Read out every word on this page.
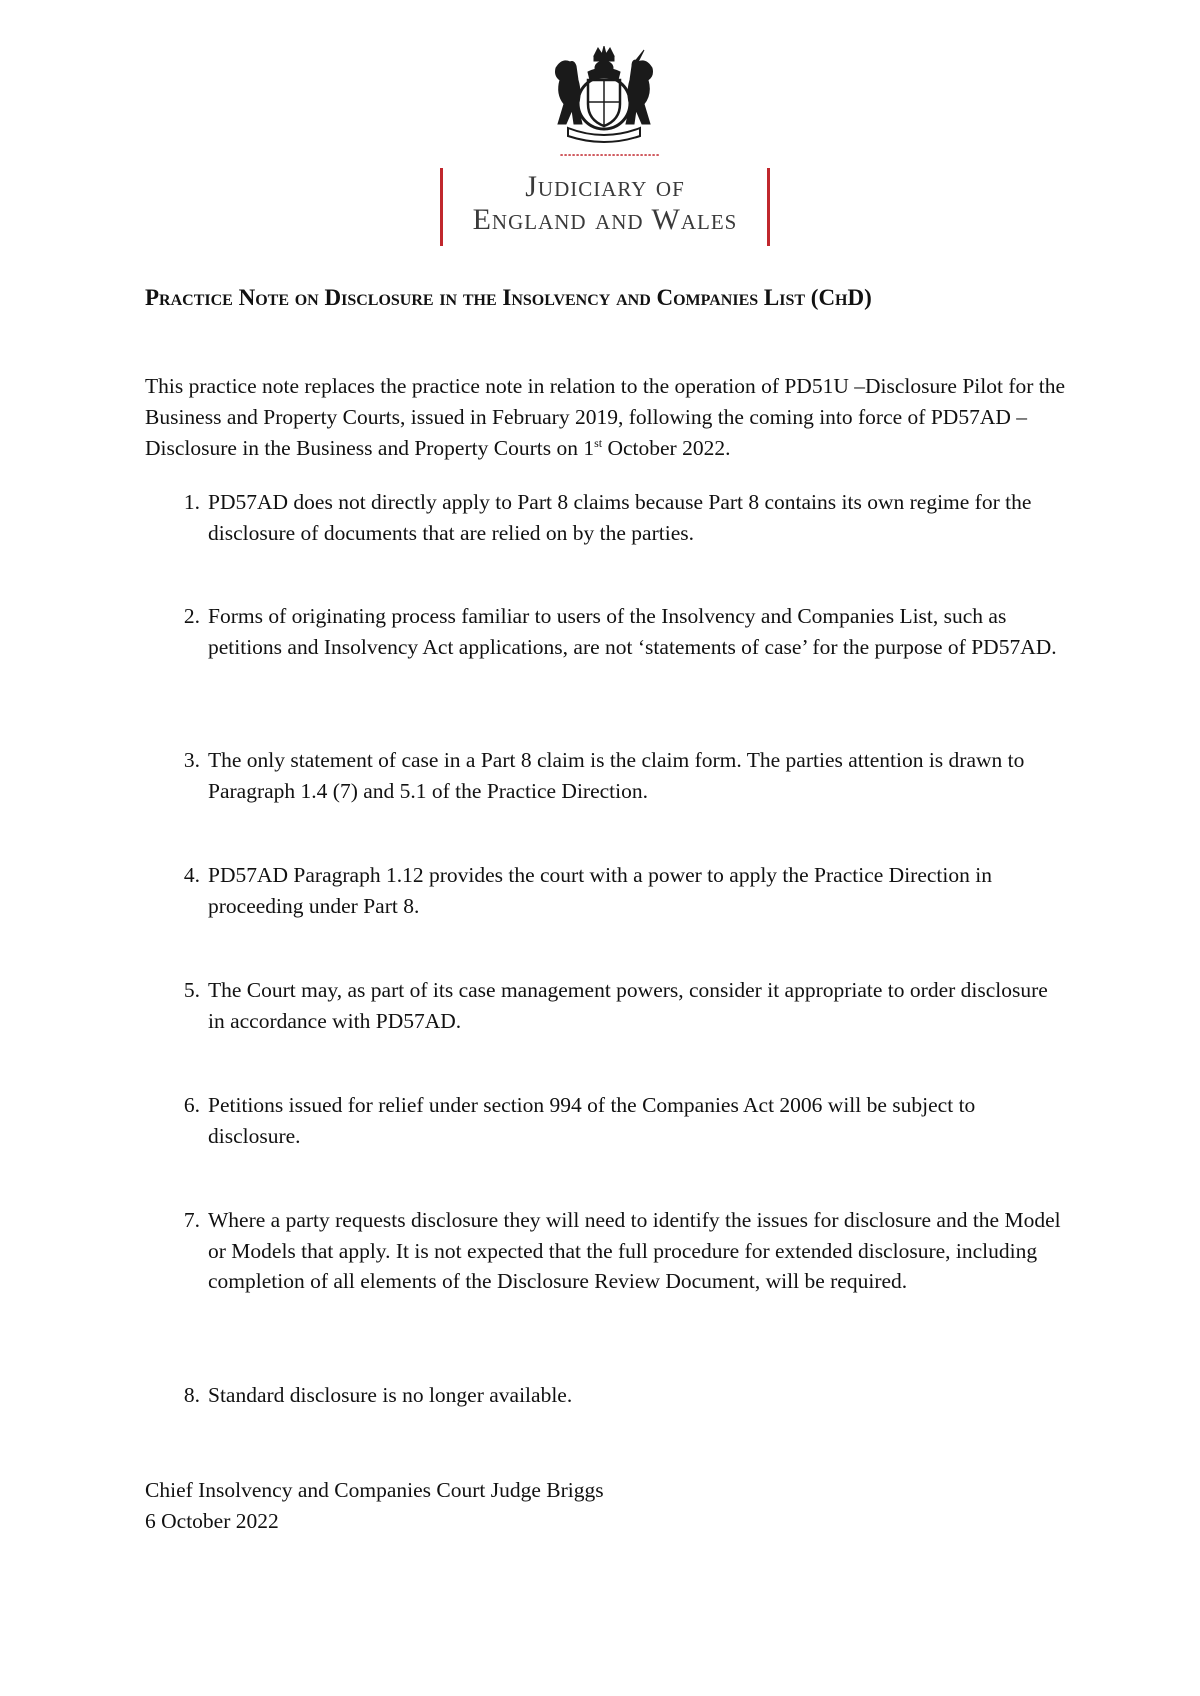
Judiciary of
England and Wales
Practice Note on Disclosure in the Insolvency and Companies List (ChD)

This practice note replaces the practice note in relation to the operation of PD51U –Disclosure Pilot for the Business and Property Courts, issued in February 2019, following the coming into force of PD57AD – Disclosure in the Business and Property Courts on 1st October 2022.

1. PD57AD does not directly apply to Part 8 claims because Part 8 contains its own regime for the disclosure of documents that are relied on by the parties.
2. Forms of originating process familiar to users of the Insolvency and Companies List, such as petitions and Insolvency Act applications, are not ‘statements of case’ for the purpose of PD57AD.
3. The only statement of case in a Part 8 claim is the claim form. The parties attention is drawn to Paragraph 1.4 (7) and 5.1 of the Practice Direction.
4. PD57AD Paragraph 1.12 provides the court with a power to apply the Practice Direction in proceeding under Part 8.
5. The Court may, as part of its case management powers, consider it appropriate to order disclosure in accordance with PD57AD.
6. Petitions issued for relief under section 994 of the Companies Act 2006 will be subject to disclosure.
7. Where a party requests disclosure they will need to identify the issues for disclosure and the Model or Models that apply. It is not expected that the full procedure for extended disclosure, including completion of all elements of the Disclosure Review Document, will be required.
8. Standard disclosure is no longer available.
Chief Insolvency and Companies Court Judge Briggs
6 October 2022
